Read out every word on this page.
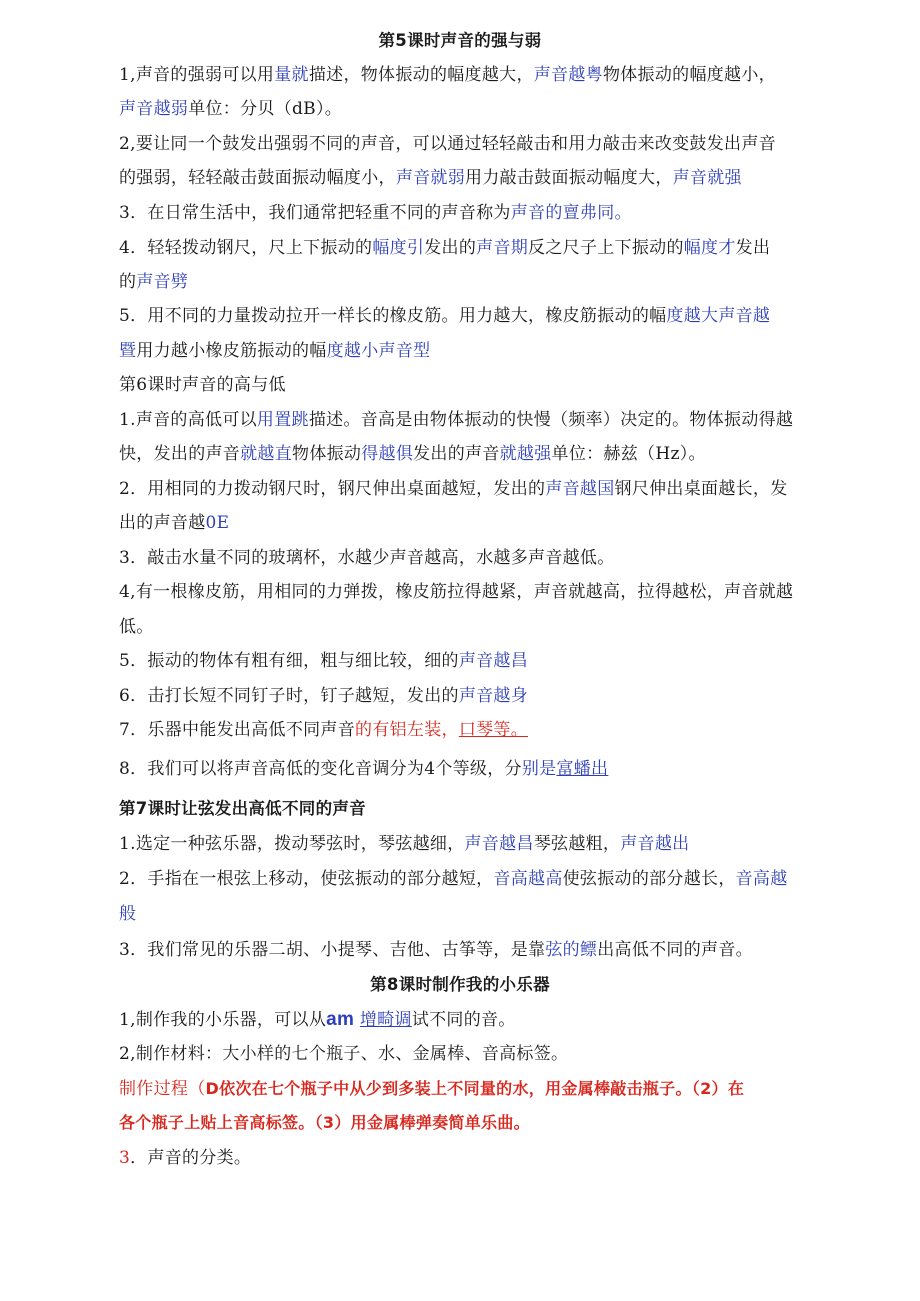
第5课时声音的强与弱
1,声音的强弱可以用量就描述，物体振动的幅度越大，声音越粤物体振动的幅度越小，
声音越弱单位：分贝（dB）。
2,要让同一个鼓发出强弱不同的声音，可以通过轻轻敲击和用力敲击来改变鼓发出声音
的强弱，轻轻敲击鼓面振动幅度小，声音就弱用力敲击鼓面振动幅度大，声音就强
3．在日常生活中，我们通常把轻重不同的声音称为声音的亶弗同。
4．轻轻拨动钢尺，尺上下振动的幅度引发出的声音期反之尺子上下振动的幅度才发出
的声音劈
5．用不同的力量拨动拉开一样长的橡皮筋。用力越大，橡皮筋振动的幅度越大声音越
暨用力越小橡皮筋振动的幅度越小声音型
第6课时声音的高与低
1.声音的高低可以用置跳描述。音高是由物体振动的快慢（频率）决定的。物体振动得越
快，发出的声音就越直物体振动得越俱发出的声音就越强单位：赫兹（Hz）。
2．用相同的力拨动钢尺时，钢尺伸出桌面越短，发出的声音越国钢尺伸出桌面越长，发
出的声音越0E
3．敲击水量不同的玻璃杯，水越少声音越高，水越多声音越低。
4,有一根橡皮筋，用相同的力弹拨，橡皮筋拉得越紧，声音就越高，拉得越松，声音就越
低。
5．振动的物体有粗有细，粗与细比较，细的声音越昌
6．击打长短不同钉子时，钉子越短，发出的声音越身
7．乐器中能发出高低不同声音的有铝左装，口琴等。
8．我们可以将声音高低的变化音调分为4个等级，分别是富蟠出
第7课时让弦发出高低不同的声音
1.选定一种弦乐器，拨动琴弦时，琴弦越细，声音越昌琴弦越粗，声音越出
2．手指在一根弦上移动，使弦振动的部分越短，音高越高使弦振动的部分越长，音高越
般
3．我们常见的乐器二胡、小提琴、吉他、古筝等，是靠弦的鳔出高低不同的声音。
第8课时制作我的小乐器
1,制作我的小乐器，可以从am 增畸调试不同的音。
2,制作材料：大小样的七个瓶子、水、金属棒、音高标签。
制作过程（D依次在七个瓶子中从少到多装上不同量的水，用金属棒敲击瓶子。（2）在
各个瓶子上贴上音高标签。（3）用金属棒弹奏简单乐曲。
3．声音的分类。
